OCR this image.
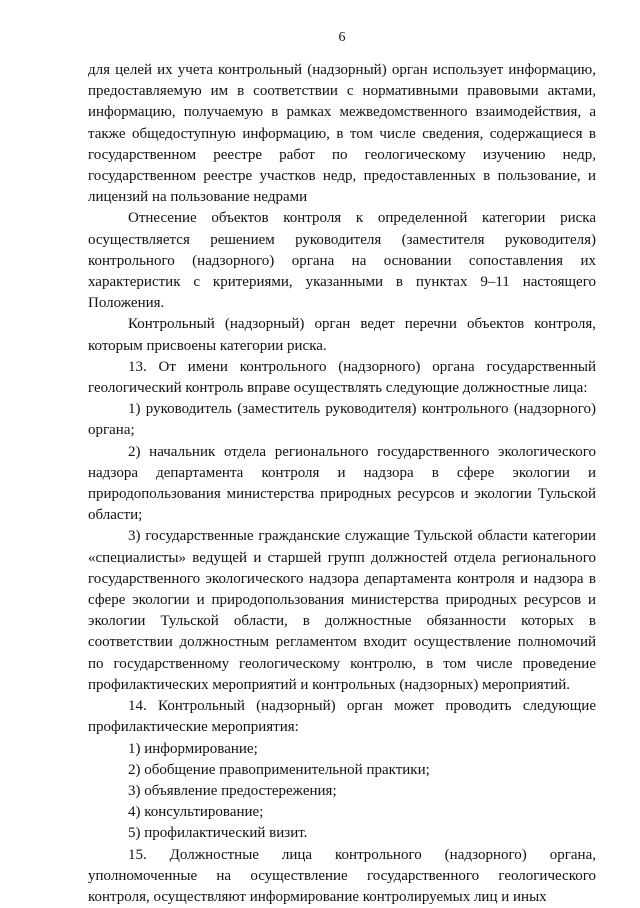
6

для целей их учета контрольный (надзорный) орган использует информацию, предоставляемую им в соответствии с нормативными правовыми актами, информацию, получаемую в рамках межведомственного взаимодействия, а также общедоступную информацию, в том числе сведения, содержащиеся в государственном реестре работ по геологическому изучению недр, государственном реестре участков недр, предоставленных в пользование, и лицензий на пользование недрами

Отнесение объектов контроля к определенной категории риска осуществляется решением руководителя (заместителя руководителя) контрольного (надзорного) органа на основании сопоставления их характеристик с критериями, указанными в пунктах 9–11 настоящего Положения.

Контрольный (надзорный) орган ведет перечни объектов контроля, которым присвоены категории риска.

13. От имени контрольного (надзорного) органа государственный геологический контроль вправе осуществлять следующие должностные лица:

1) руководитель (заместитель руководителя) контрольного (надзорного) органа;

2) начальник отдела регионального государственного экологического надзора департамента контроля и надзора в сфере экологии и природопользования министерства природных ресурсов и экологии Тульской области;

3) государственные гражданские служащие Тульской области категории «специалисты» ведущей и старшей групп должностей отдела регионального государственного экологического надзора департамента контроля и надзора в сфере экологии и природопользования министерства природных ресурсов и экологии Тульской области, в должностные обязанности которых в соответствии должностным регламентом входит осуществление полномочий по государственному геологическому контролю, в том числе проведение профилактических мероприятий и контрольных (надзорных) мероприятий.

14. Контрольный (надзорный) орган может проводить следующие профилактические мероприятия:

1) информирование;

2) обобщение правоприменительной практики;

3) объявление предостережения;

4) консультирование;

5) профилактический визит.

15. Должностные лица контрольного (надзорного) органа, уполномоченные на осуществление государственного геологического контроля, осуществляют информирование контролируемых лиц и иных
